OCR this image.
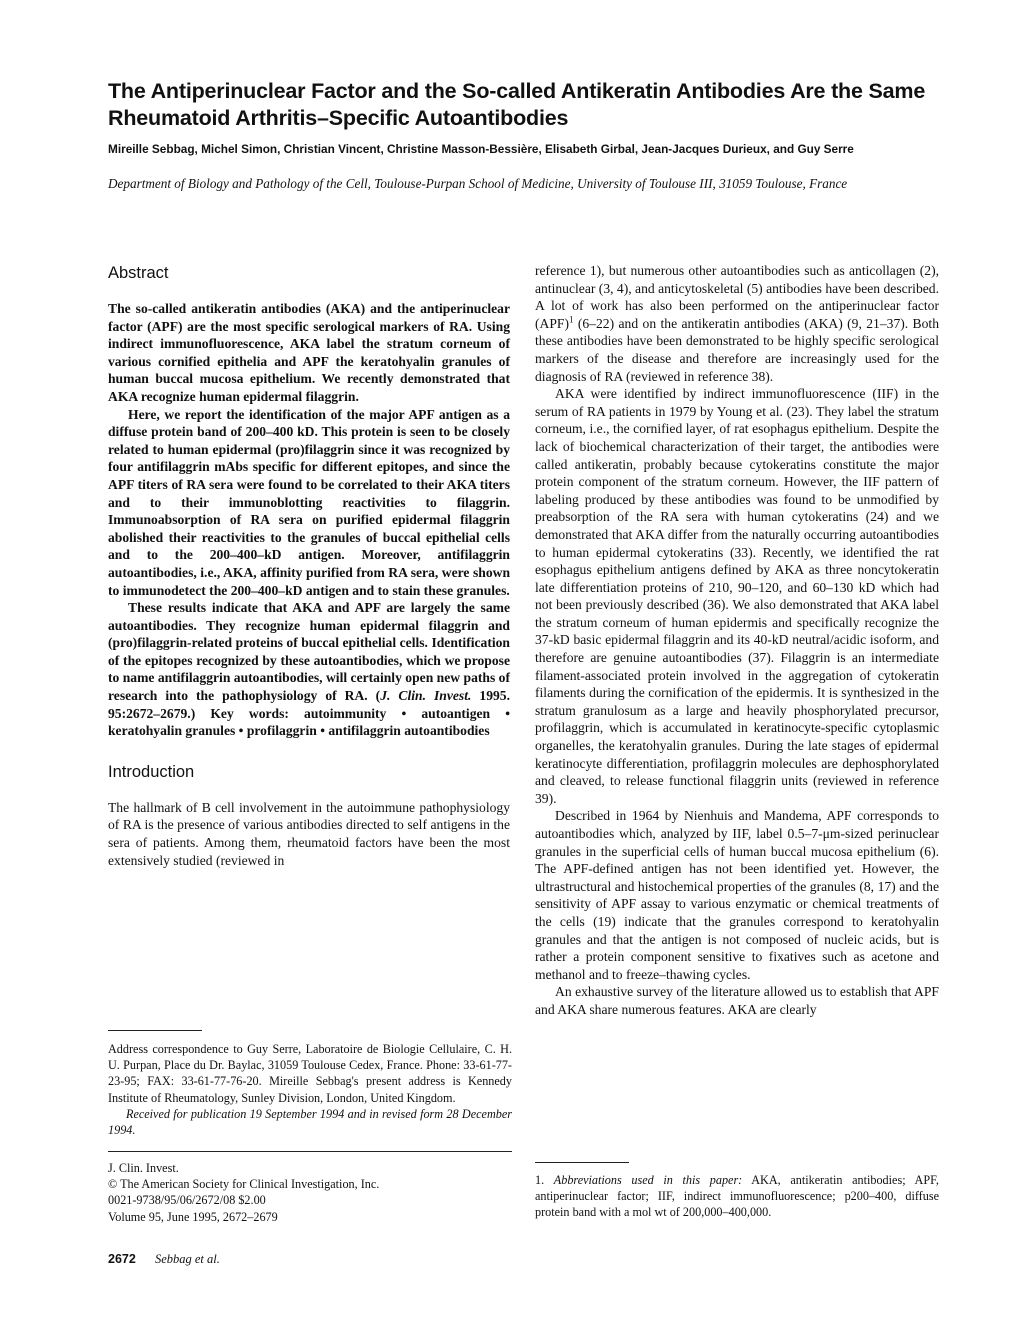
The Antiperinuclear Factor and the So-called Antikeratin Antibodies Are the Same Rheumatoid Arthritis–Specific Autoantibodies

Mireille Sebbag, Michel Simon, Christian Vincent, Christine Masson-Bessière, Elisabeth Girbal, Jean-Jacques Durieux, and Guy Serre

Department of Biology and Pathology of the Cell, Toulouse-Purpan School of Medicine, University of Toulouse III, 31059 Toulouse, France

Abstract

The so-called antikeratin antibodies (AKA) and the antiperinuclear factor (APF) are the most specific serological markers of RA. Using indirect immunofluorescence, AKA label the stratum corneum of various cornified epithelia and APF the keratohyalin granules of human buccal mucosa epithelium. We recently demonstrated that AKA recognize human epidermal filaggrin.

Here, we report the identification of the major APF antigen as a diffuse protein band of 200–400 kD. This protein is seen to be closely related to human epidermal (pro)filaggrin since it was recognized by four antifilaggrin mAbs specific for different epitopes, and since the APF titers of RA sera were found to be correlated to their AKA titers and to their immunoblotting reactivities to filaggrin. Immunoabsorption of RA sera on purified epidermal filaggrin abolished their reactivities to the granules of buccal epithelial cells and to the 200–400–kD antigen. Moreover, antifilaggrin autoantibodies, i.e., AKA, affinity purified from RA sera, were shown to immunodetect the 200–400–kD antigen and to stain these granules.

These results indicate that AKA and APF are largely the same autoantibodies. They recognize human epidermal filaggrin and (pro)filaggrin-related proteins of buccal epithelial cells. Identification of the epitopes recognized by these autoantibodies, which we propose to name antifilaggrin autoantibodies, will certainly open new paths of research into the pathophysiology of RA. (J. Clin. Invest. 1995. 95:2672–2679.) Key words: autoimmunity • autoantigen • keratohyalin granules • profilaggrin • antifilaggrin autoantibodies

Introduction

The hallmark of B cell involvement in the autoimmune pathophysiology of RA is the presence of various antibodies directed to self antigens in the sera of patients. Among them, rheumatoid factors have been the most extensively studied (reviewed in

reference 1), but numerous other autoantibodies such as anticollagen (2), antinuclear (3, 4), and anticytoskeletal (5) antibodies have been described. A lot of work has also been performed on the antiperinuclear factor (APF)$^1$ (6–22) and on the antikeratin antibodies (AKA) (9, 21–37). Both these antibodies have been demonstrated to be highly specific serological markers of the disease and therefore are increasingly used for the diagnosis of RA (reviewed in reference 38).

AKA were identified by indirect immunofluorescence (IIF) in the serum of RA patients in 1979 by Young et al. (23). They label the stratum corneum, i.e., the cornified layer, of rat esophagus epithelium. Despite the lack of biochemical characterization of their target, the antibodies were called antikeratin, probably because cytokeratins constitute the major protein component of the stratum corneum. However, the IIF pattern of labeling produced by these antibodies was found to be unmodified by preabsorption of the RA sera with human cytokeratins (24) and we demonstrated that AKA differ from the naturally occurring autoantibodies to human epidermal cytokeratins (33). Recently, we identified the rat esophagus epithelium antigens defined by AKA as three noncytokeratin late differentiation proteins of 210, 90–120, and 60–130 kD which had not been previously described (36). We also demonstrated that AKA label the stratum corneum of human epidermis and specifically recognize the 37-kD basic epidermal filaggrin and its 40-kD neutral/acidic isoform, and therefore are genuine autoantibodies (37). Filaggrin is an intermediate filament-associated protein involved in the aggregation of cytokeratin filaments during the cornification of the epidermis. It is synthesized in the stratum granulosum as a large and heavily phosphorylated precursor, profilaggrin, which is accumulated in keratinocyte-specific cytoplasmic organelles, the keratohyalin granules. During the late stages of epidermal keratinocyte differentiation, profilaggrin molecules are dephosphorylated and cleaved, to release functional filaggrin units (reviewed in reference 39).

Described in 1964 by Nienhuis and Mandema, APF corresponds to autoantibodies which, analyzed by IIF, label 0.5–7-μm-sized perinuclear granules in the superficial cells of human buccal mucosa epithelium (6). The APF-defined antigen has not been identified yet. However, the ultrastructural and histochemical properties of the granules (8, 17) and the sensitivity of APF assay to various enzymatic or chemical treatments of the cells (19) indicate that the granules correspond to keratohyalin granules and that the antigen is not composed of nucleic acids, but is rather a protein component sensitive to fixatives such as acetone and methanol and to freeze–thawing cycles.

An exhaustive survey of the literature allowed us to establish that APF and AKA share numerous features. AKA are clearly

Address correspondence to Guy Serre, Laboratoire de Biologie Cellulaire, C. H. U. Purpan, Place du Dr. Baylac, 31059 Toulouse Cedex, France. Phone: 33-61-77-23-95; FAX: 33-61-77-76-20. Mireille Sebbag's present address is Kennedy Institute of Rheumatology, Sunley Division, London, United Kingdom.

Received for publication 19 September 1994 and in revised form 28 December 1994.

J. Clin. Invest.
© The American Society for Clinical Investigation, Inc.
0021-9738/95/06/2672/08 $2.00
Volume 95, June 1995, 2672–2679
1. Abbreviations used in this paper: AKA, antikeratin antibodies; APF, antiperinuclear factor; IIF, indirect immunofluorescence; p200–400, diffuse protein band with a mol wt of 200,000–400,000.
2672 Sebbag et al.
